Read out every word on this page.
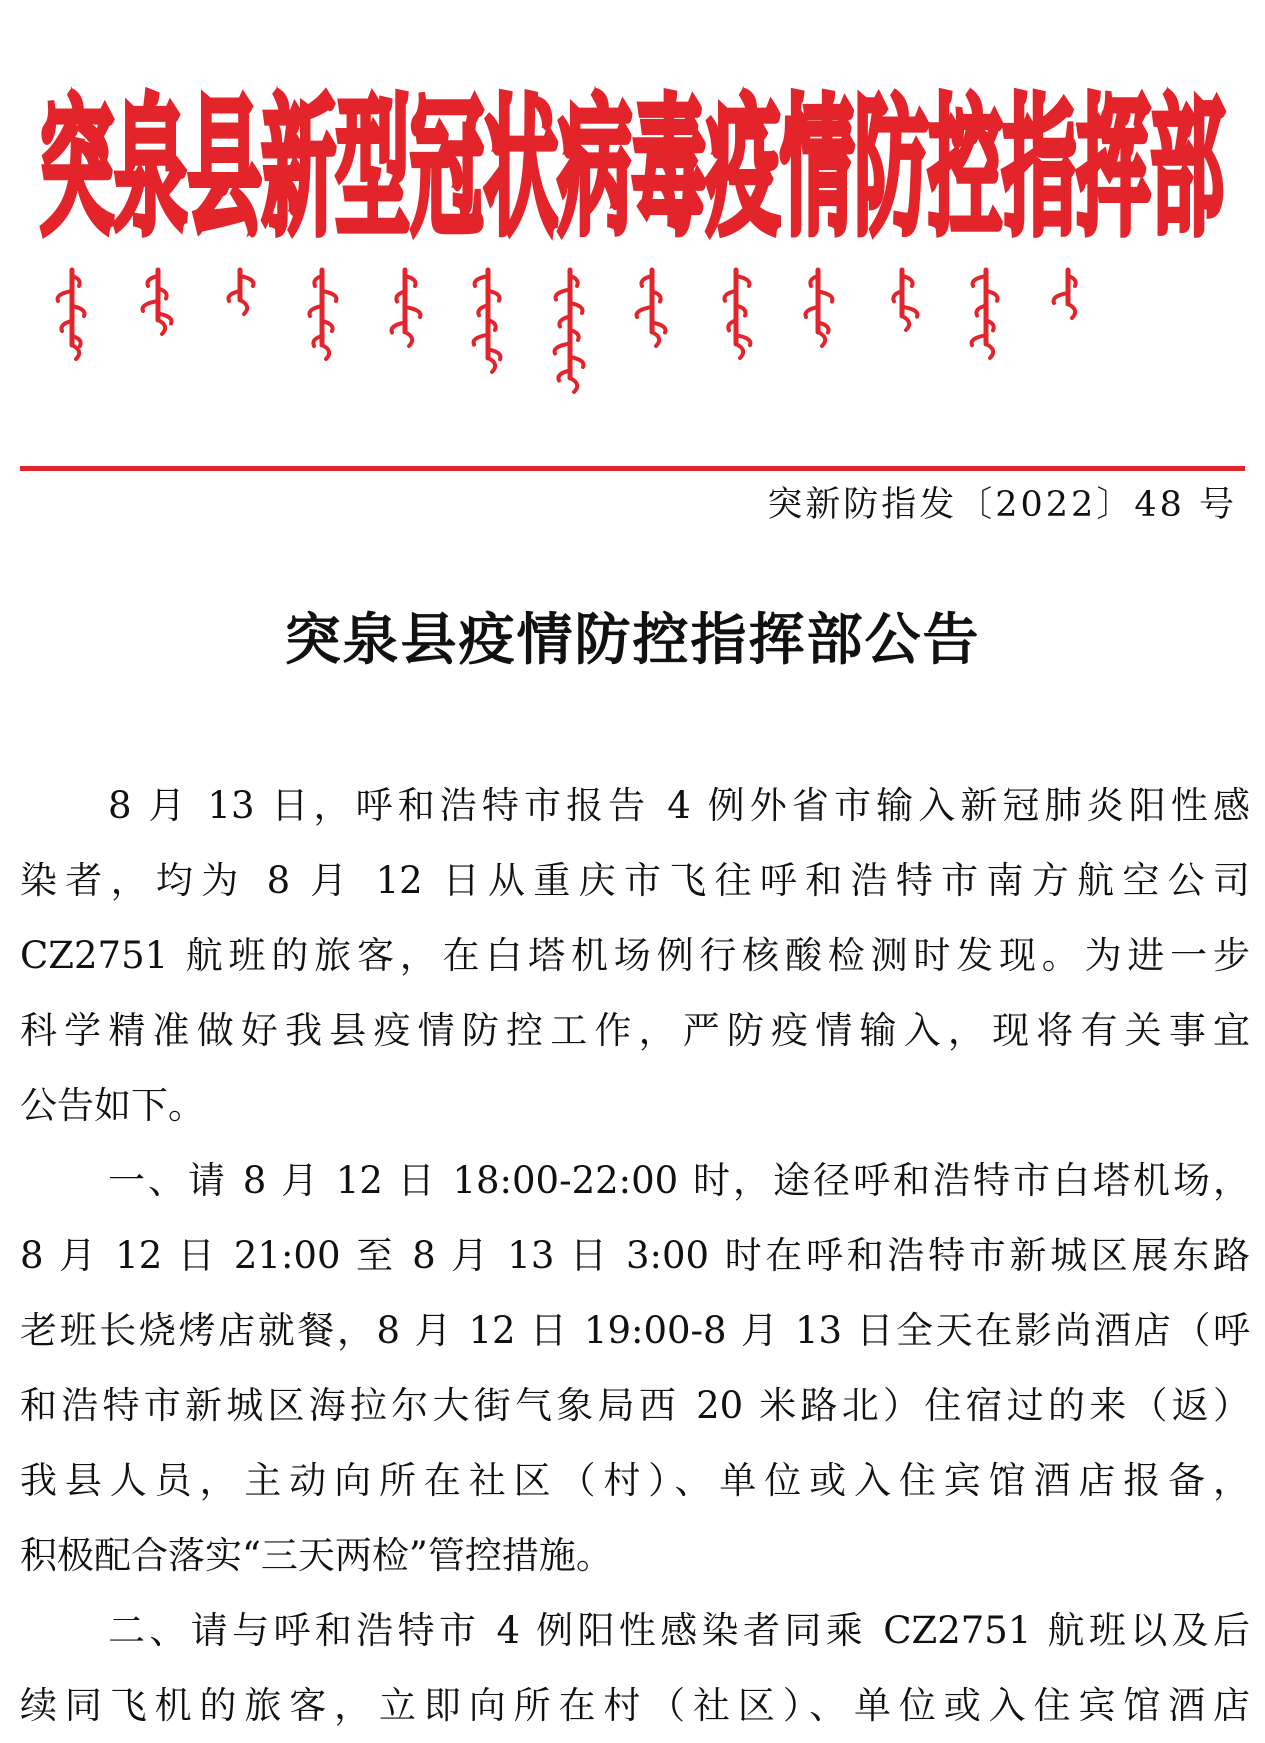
突泉县新型冠状病毒疫情防控指挥部
突新防指发〔2022〕48 号
突泉县疫情防控指挥部公告
8 月 13 日，呼和浩特市报告 4 例外省市输入新冠肺炎阳性感
染者，均为 8 月 12 日从重庆市飞往呼和浩特市南方航空公司
CZ2751 航班的旅客，在白塔机场例行核酸检测时发现。为进一步
科学精准做好我县疫情防控工作，严防疫情输入，现将有关事宜
公告如下。
一、请 8 月 12 日 18:00-22:00 时，途径呼和浩特市白塔机场，
8 月 12 日 21:00 至 8 月 13 日 3:00 时在呼和浩特市新城区展东路
老班长烧烤店就餐，8 月 12 日 19:00-8 月 13 日全天在影尚酒店（呼
和浩特市新城区海拉尔大街气象局西 20 米路北）住宿过的来（返）
我县人员，主动向所在社区（村）、单位或入住宾馆酒店报备，
积极配合落实“三天两检”管控措施。
二、请与呼和浩特市 4 例阳性感染者同乘 CZ2751 航班以及后
续同飞机的旅客，立即向所在村（社区）、单位或入住宾馆酒店
